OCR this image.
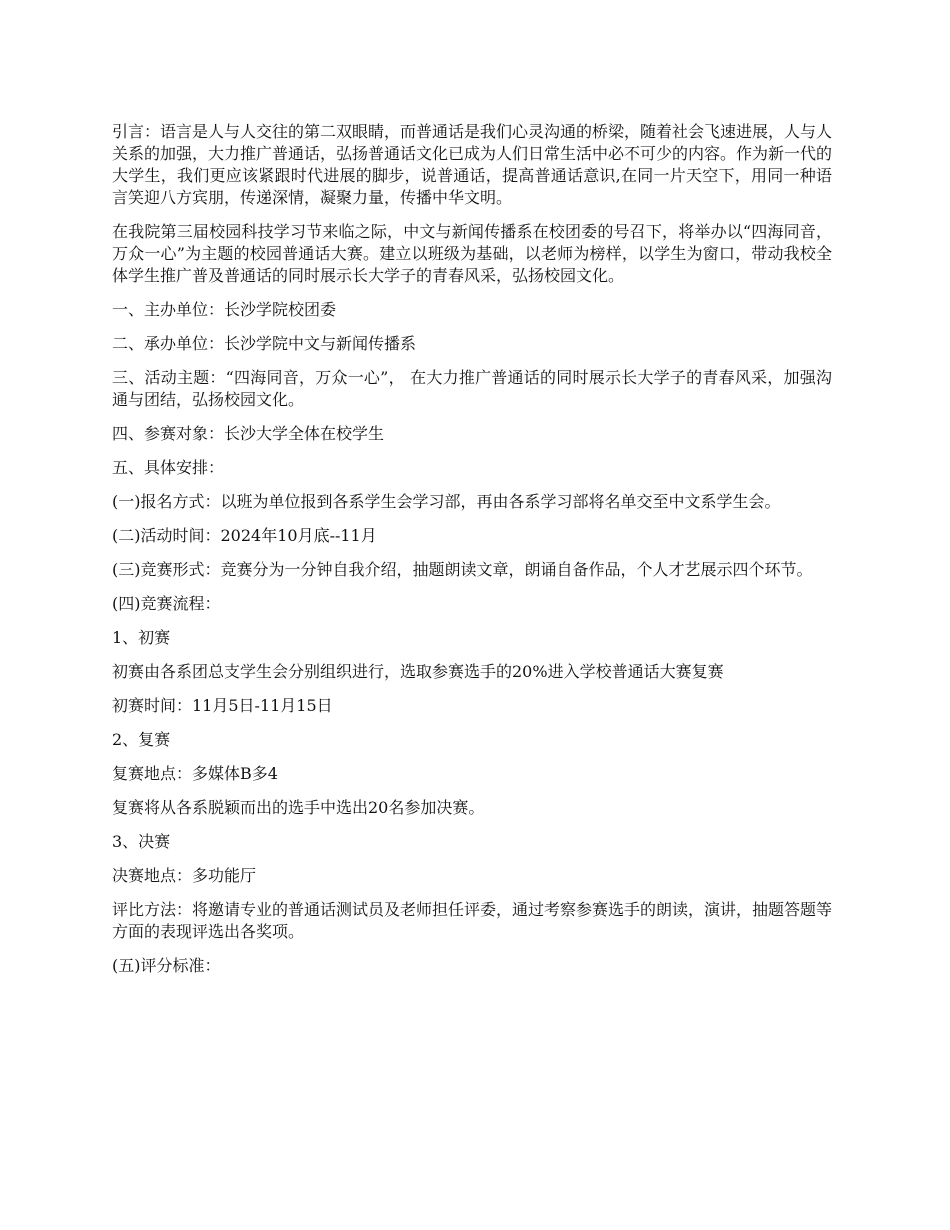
引言：语言是人与人交往的第二双眼睛，而普通话是我们心灵沟通的桥梁，随着社会飞速进展，人与人关系的加强，大力推广普通话，弘扬普通话文化已成为人们日常生活中必不可少的内容。作为新一代的大学生，我们更应该紧跟时代进展的脚步，说普通话，提高普通话意识,在同一片天空下，用同一种语言笑迎八方宾朋，传递深情，凝聚力量，传播中华文明。

在我院第三届校园科技学习节来临之际，中文与新闻传播系在校团委的号召下，将举办以“四海同音，万众一心”为主题的校园普通话大赛。建立以班级为基础，以老师为榜样，以学生为窗口，带动我校全体学生推广普及普通话的同时展示长大学子的青春风采，弘扬校园文化。

一、主办单位：长沙学院校团委

二、承办单位：长沙学院中文与新闻传播系

三、活动主题：“四海同音，万众一心”， 在大力推广普通话的同时展示长大学子的青春风采，加强沟通与团结，弘扬校园文化。

四、参赛对象：长沙大学全体在校学生

五、具体安排：

(一)报名方式：以班为单位报到各系学生会学习部，再由各系学习部将名单交至中文系学生会。

(二)活动时间：2024年10月底--11月

(三)竞赛形式：竞赛分为一分钟自我介绍，抽题朗读文章，朗诵自备作品，个人才艺展示四个环节。

(四)竞赛流程：

1、初赛

初赛由各系团总支学生会分别组织进行，选取参赛选手的20%进入学校普通话大赛复赛

初赛时间：11月5日-11月15日

2、复赛

复赛地点：多媒体B多4

复赛将从各系脱颖而出的选手中选出20名参加决赛。

3、决赛

决赛地点：多功能厅

评比方法：将邀请专业的普通话测试员及老师担任评委，通过考察参赛选手的朗读，演讲，抽题答题等方面的表现评选出各奖项。

(五)评分标准：
